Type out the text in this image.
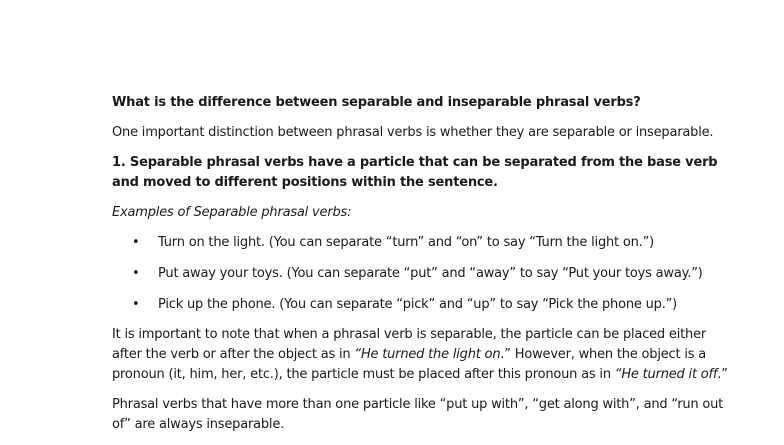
What is the difference between separable and inseparable phrasal verbs?

One important distinction between phrasal verbs is whether they are separable or inseparable.

1. Separable phrasal verbs have a particle that can be separated from the base verb and moved to different positions within the sentence.

Examples of Separable phrasal verbs:

• Turn on the light. (You can separate “turn” and “on” to say “Turn the light on.”)
• Put away your toys. (You can separate “put” and “away” to say “Put your toys away.”)
• Pick up the phone. (You can separate “pick” and “up” to say “Pick the phone up.”)

It is important to note that when a phrasal verb is separable, the particle can be placed either after the verb or after the object as in “He turned the light on.” However, when the object is a pronoun (it, him, her, etc.), the particle must be placed after this pronoun as in “He turned it off.”

Phrasal verbs that have more than one particle like “put up with”, “get along with”, and “run out of” are always inseparable.
